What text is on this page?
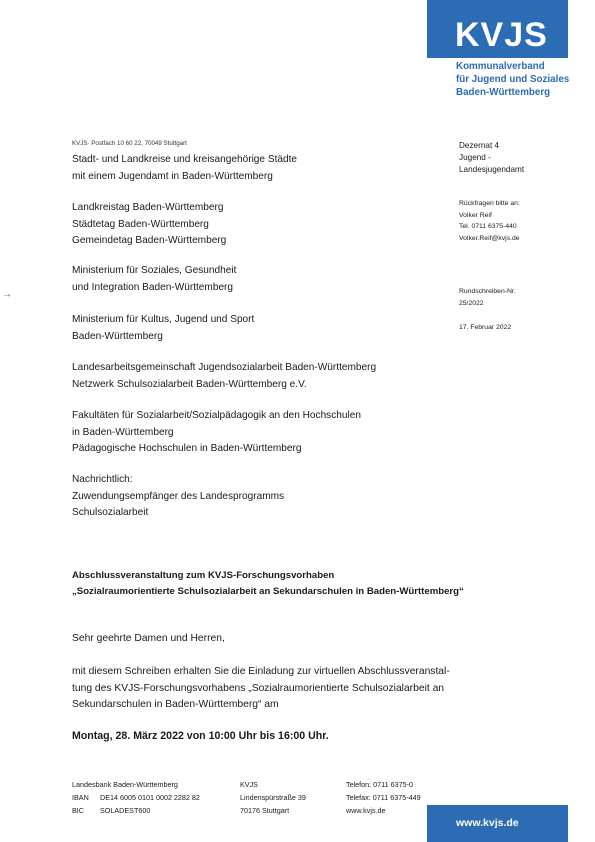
KVJS
Kommunalverband
für Jugend und Soziales
Baden-Württemberg
KVJS· Postfach 10 60 22, 70049 Stuttgart
Stadt- und Landkreise und kreisangehörige Städte
mit einem Jugendamt in Baden-Württemberg
Landkreistag Baden-Württemberg
Städtetag Baden-Württemberg
Gemeindetag Baden-Württemberg
Ministerium für Soziales, Gesundheit
und Integration Baden-Württemberg
Ministerium für Kultus, Jugend und Sport
Baden-Württemberg
Landesarbeitsgemeinschaft Jugendsozialarbeit Baden-Württemberg
Netzwerk Schulsozialarbeit Baden-Württemberg e.V.
Fakultäten für Sozialarbeit/Sozialpädagogik an den Hochschulen
in Baden-Württemberg
Pädagogische Hochschulen in Baden-Württemberg
Nachrichtlich:
Zuwendungsempfänger des Landesprogramms
Schulsozialarbeit
Dezernat 4
Jugend -
Landesjugendamt
Rückfragen bitte an:
Volker Reif
Tel. 0711 6375-440
Volker.Reif@kvjs.de
Rundschreiben-Nr.
25/2022
17. Februar 2022
→
Abschlussveranstaltung zum KVJS-Forschungsvorhaben
„Sozialraumorientierte Schulsozialarbeit an Sekundarschulen in Baden-Württemberg“
Sehr geehrte Damen und Herren,
mit diesem Schreiben erhalten Sie die Einladung zur virtuellen Abschlussveranstal-
tung des KVJS-Forschungsvorhabens „Sozialraumorientierte Schulsozialarbeit an
Sekundarschulen in Baden-Württemberg“ am
Montag, 28. März 2022 von 10:00 Uhr bis 16:00 Uhr.
Landesbank Baden-Württemberg
IBAN DE14 6005 0101 0002 2282 82
BIC SOLADEST600
KVJS
Lindenspürstraße 39
70176 Stuttgart
Telefon: 0711 6375-0
Telefax: 0711 6375-449
www.kvjs.de
www.kvjs.de
